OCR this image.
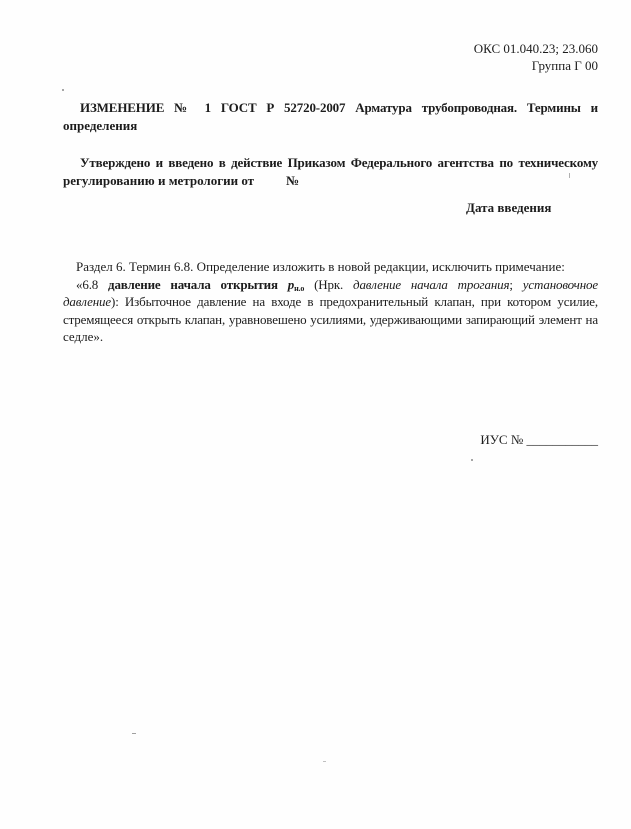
ОКС 01.040.23; 23.060
Группа Г 00
ИЗМЕНЕНИЕ № 1 ГОСТ Р 52720-2007 Арматура трубопроводная. Термины и
определения
Утверждено и введено в действие Приказом Федерального агентства по техническому
регулированию и метрологии от №
Дата введения
Раздел 6. Термин 6.8. Определение изложить в новой редакции, исключить примечание:
«6.8 давление начала открытия $p_{н.о}$ (Нрк. давление начала трогания; установочное
давление): Избыточное давление на входе в предохранительный клапан, при котором усилие,
стремящееся открыть клапан, уравновешено усилиями, удерживающими запирающий элемент на
седле».
ИУС № ___________
